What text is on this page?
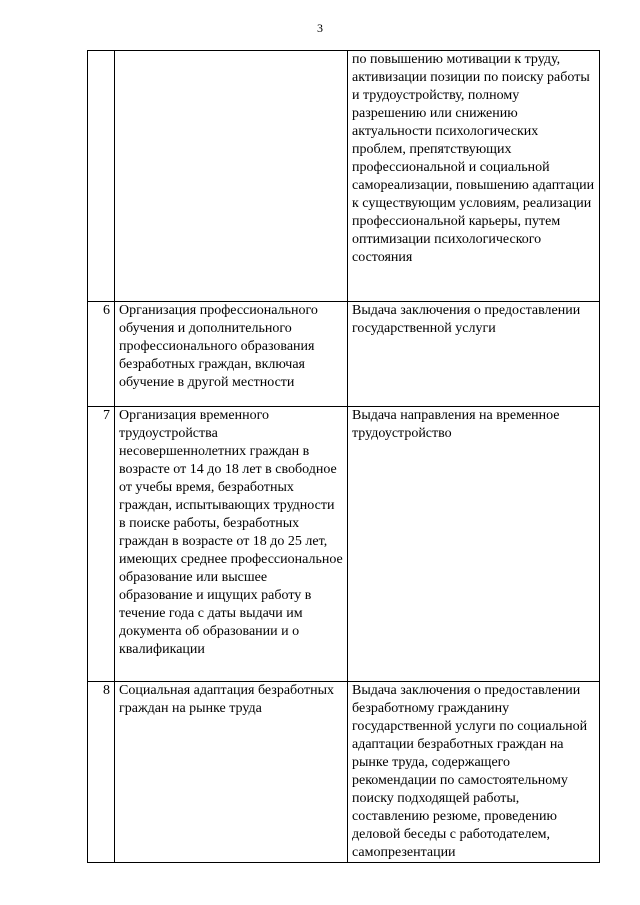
3
		по повышению мотивации к труду, активизации позиции по поиску работы и трудоустройству, полному разрешению или снижению актуальности психологических проблем, препятствующих профессиональной и социальной самореализации, повышению адаптации к существующим условиям, реализации профессиональной карьеры, путем оптимизации психологического состояния
6	Организация профессионального обучения и дополнительного профессионального образования безработных граждан, включая обучение в другой местности	Выдача заключения о предоставлении государственной услуги
7	Организация временного трудоустройства несовершеннолетних граждан в возрасте от 14 до 18 лет в свободное от учебы время, безработных граждан, испытывающих трудности в поиске работы, безработных граждан в возрасте от 18 до 25 лет, имеющих среднее профессиональное образование или высшее образование и ищущих работу в течение года с даты выдачи им документа об образовании и о квалификации	Выдача направления на временное трудоустройство
8	Социальная адаптация безработных граждан на рынке труда	Выдача заключения о предоставлении безработному гражданину государственной услуги по социальной адаптации безработных граждан на рынке труда, содержащего рекомендации по самостоятельному поиску подходящей работы, составлению резюме, проведению деловой беседы с работодателем, самопрезентации
